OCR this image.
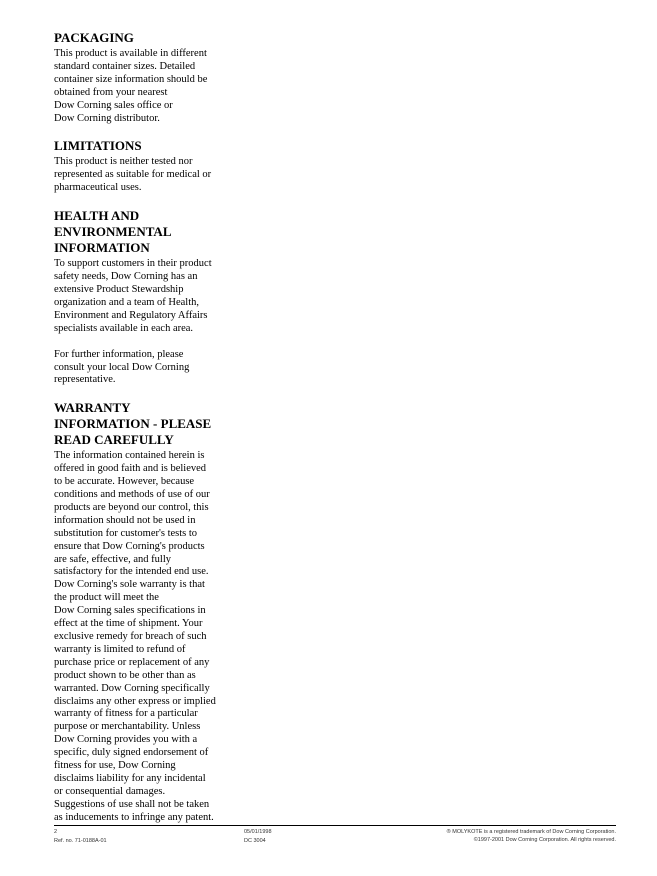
PACKAGING
This product is available in different
standard container sizes. Detailed
container size information should be
obtained from your nearest
Dow Corning sales office or
Dow Corning distributor.
LIMITATIONS
This product is neither tested nor
represented as suitable for medical or
pharmaceutical uses.
HEALTH AND
ENVIRONMENTAL
INFORMATION
To support customers in their product
safety needs, Dow Corning has an
extensive Product Stewardship
organization and a team of Health,
Environment and Regulatory Affairs
specialists available in each area.
For further information, please
consult your local Dow Corning
representative.
WARRANTY
INFORMATION - PLEASE
READ CAREFULLY
The information contained herein is
offered in good faith and is believed
to be accurate. However, because
conditions and methods of use of our
products are beyond our control, this
information should not be used in
substitution for customer's tests to
ensure that Dow Corning's products
are safe, effective, and fully
satisfactory for the intended end use.
Dow Corning's sole warranty is that
the product will meet the
Dow Corning sales specifications in
effect at the time of shipment. Your
exclusive remedy for breach of such
warranty is limited to refund of
purchase price or replacement of any
product shown to be other than as
warranted. Dow Corning specifically
disclaims any other express or implied
warranty of fitness for a particular
purpose or merchantability. Unless
Dow Corning provides you with a
specific, duly signed endorsement of
fitness for use, Dow Corning
disclaims liability for any incidental
or consequential damages.
Suggestions of use shall not be taken
as inducements to infringe any patent.
2
Ref. no. 71-0188A-01
05/01/1998
DC 3004
® MOLYKOTE is a registered trademark of Dow Corning Corporation.
©1997-2001 Dow Corning Corporation. All rights reserved.
